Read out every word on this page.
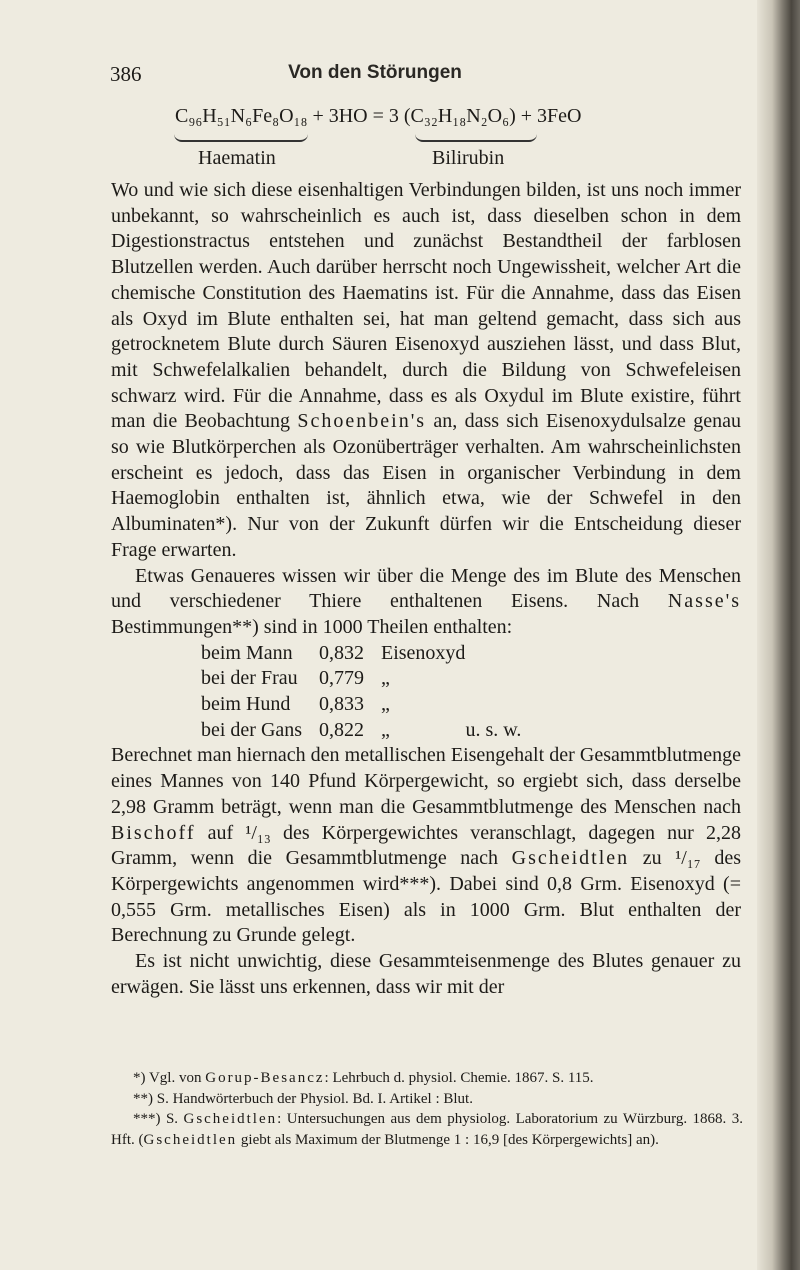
386	Von den Störungen
C₉₆H₅₁N₆Fe₈O₁₈ + 3HO = 3 (C₃₂H₁₈N₂O₆) + 3FeO
Haematin	Bilirubin

Wo und wie sich diese eisenhaltigen Verbindungen bilden, ist uns noch immer unbekannt, so wahrscheinlich es auch ist, dass dieselben schon in dem Digestionstractus entstehen und zunächst Bestandtheil der farblosen Blutzellen werden. Auch darüber herrscht noch Ungewissheit, welcher Art die chemische Constitution des Haematins ist. Für die Annahme, dass das Eisen als Oxyd im Blute enthalten sei, hat man geltend gemacht, dass sich aus getrocknetem Blute durch Säuren Eisenoxyd ausziehen lässt, und dass Blut, mit Schwefelalkalien behandelt, durch die Bildung von Schwefeleisen schwarz wird. Für die Annahme, dass es als Oxydul im Blute existire, führt man die Beobachtung Schoenbein's an, dass sich Eisenoxydulsalze genau so wie Blutkörperchen als Ozonüberträger verhalten. Am wahrscheinlichsten erscheint es jedoch, dass das Eisen in organischer Verbindung in dem Haemoglobin enthalten ist, ähnlich etwa, wie der Schwefel in den Albuminaten*). Nur von der Zukunft dürfen wir die Entscheidung dieser Frage erwarten.

Etwas Genaueres wissen wir über die Menge des im Blute des Menschen und verschiedener Thiere enthaltenen Eisens. Nach Nasse's Bestimmungen**) sind in 1000 Theilen enthalten:

beim Mann	0,832	Eisenoxyd	
bei der Frau	0,779	„	
beim Hund	0,833	„	
bei der Gans	0,822	„	u. s. w.

Berechnet man hiernach den metallischen Eisengehalt der Gesammtblutmenge eines Mannes von 140 Pfund Körpergewicht, so ergiebt sich, dass derselbe 2,98 Gramm beträgt, wenn man die Gesammtblutmenge des Menschen nach Bischoff auf ¹/₁₃ des Körpergewichtes veranschlagt, dagegen nur 2,28 Gramm, wenn die Gesammtblutmenge nach Gscheidtlen zu ¹/₁₇ des Körpergewichts angenommen wird***). Dabei sind 0,8 Grm. Eisenoxyd (= 0,555 Grm. metallisches Eisen) als in 1000 Grm. Blut enthalten der Berechnung zu Grunde gelegt.

Es ist nicht unwichtig, diese Gesammteisenmenge des Blutes genauer zu erwägen. Sie lässt uns erkennen, dass wir mit der

*) Vgl. von Gorup-Besancz: Lehrbuch d. physiol. Chemie. 1867. S. 115.

**) S. Handwörterbuch der Physiol. Bd. I. Artikel : Blut.

***) S. Gscheidtlen: Untersuchungen aus dem physiolog. Laboratorium zu Würzburg. 1868. 3. Hft. (Gscheidtlen giebt als Maximum der Blutmenge 1 : 16,9 [des Körpergewichts] an).
